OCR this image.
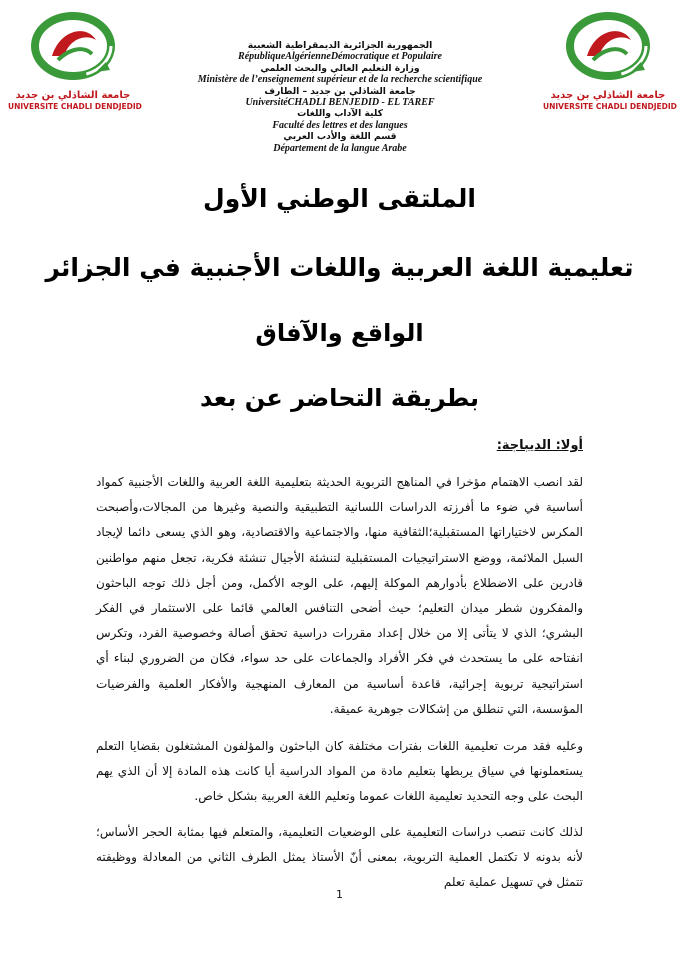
جامعة الشاذلي بن جديد
UNIVERSITE CHADLI DENDJEDID
جامعة الشاذلي بن جديد
UNIVERSITE CHADLI DENDJEDID
الجمهورية الجزائرية الديمقراطية الشعبية
RépubliqueAlgérienneDémocratique et Populaire
وزارة التعليم العالي والبحث العلمي
Ministère de l’enseignement supérieur et de la recherche scientifique
جامعة الشاذلي بن جديد – الطارف
UniversitéCHADLI BENJEDID - EL TAREF
كلية الآداب واللغات
Faculté des lettres et des langues
قسم اللغة والأدب العربي
Département de la langue Arabe
الملتقى الوطني الأول
تعليمية اللغة العربية واللغات الأجنبية في الجزائر
الواقع والآفاق
بطريقة التحاضر عن بعد
أولا: الديباجة:
لقد انصب الاهتمام مؤخرا في المناهج التربوية الحديثة بتعليمية اللغة العربية واللغات الأجنبية كمواد أساسية في ضوء ما أفرزته الدراسات اللسانية التطبيقية والنصية وغيرها من المجالات،وأصبحت المكرس لاختياراتها المستقبلية؛الثقافية منها، والاجتماعية والاقتصادية، وهو الذي يسعى دائما لإيجاد السبل الملائمة، ووضع الاستراتيجيات المستقبلية لتنشئة الأجيال تنشئة فكرية، تجعل منهم مواطنين قادرين على الاضطلاع بأدوارهم الموكلة إليهم، على الوجه الأكمل، ومن أجل ذلك توجه الباحثون والمفكرون شطر ميدان التعليم؛ حيث أضحى التنافس العالمي قائما على الاستثمار في الفكر البشري؛ الذي لا يتأتى إلا من خلال إعداد مقررات دراسية تحقق أصالة وخصوصية الفرد، وتكرس انفتاحه على ما يستحدث في فكر الأفراد والجماعات على حد سواء، فكان من الضروري لبناء أي استراتيجية تربوية إجرائية، قاعدة أساسية من المعارف المنهجية والأفكار العلمية والفرضيات المؤسسة، التي تنطلق من إشكالات جوهرية عميقة.
وعليه فقد مرت تعليمية اللغات بفترات مختلفة كان الباحثون والمؤلفون المشتغلون بقضايا التعلم يستعملونها في سياق يربطها بتعليم مادة من المواد الدراسية أيا كانت هذه المادة إلا أن الذي يهم البحث على وجه التحديد تعليمية اللغات عموما وتعليم اللغة العربية بشكل خاص.
لذلك كانت تنصب دراسات التعليمية على الوضعيات التعليمية، والمتعلم فيها بمثابة الحجر الأساس؛ لأنه بدونه لا تكتمل العملية التربوية، بمعنى أنّ الأستاذ يمثل الطرف الثاني من المعادلة ووظيفته تتمثل في تسهيل عملية تعلم
1
